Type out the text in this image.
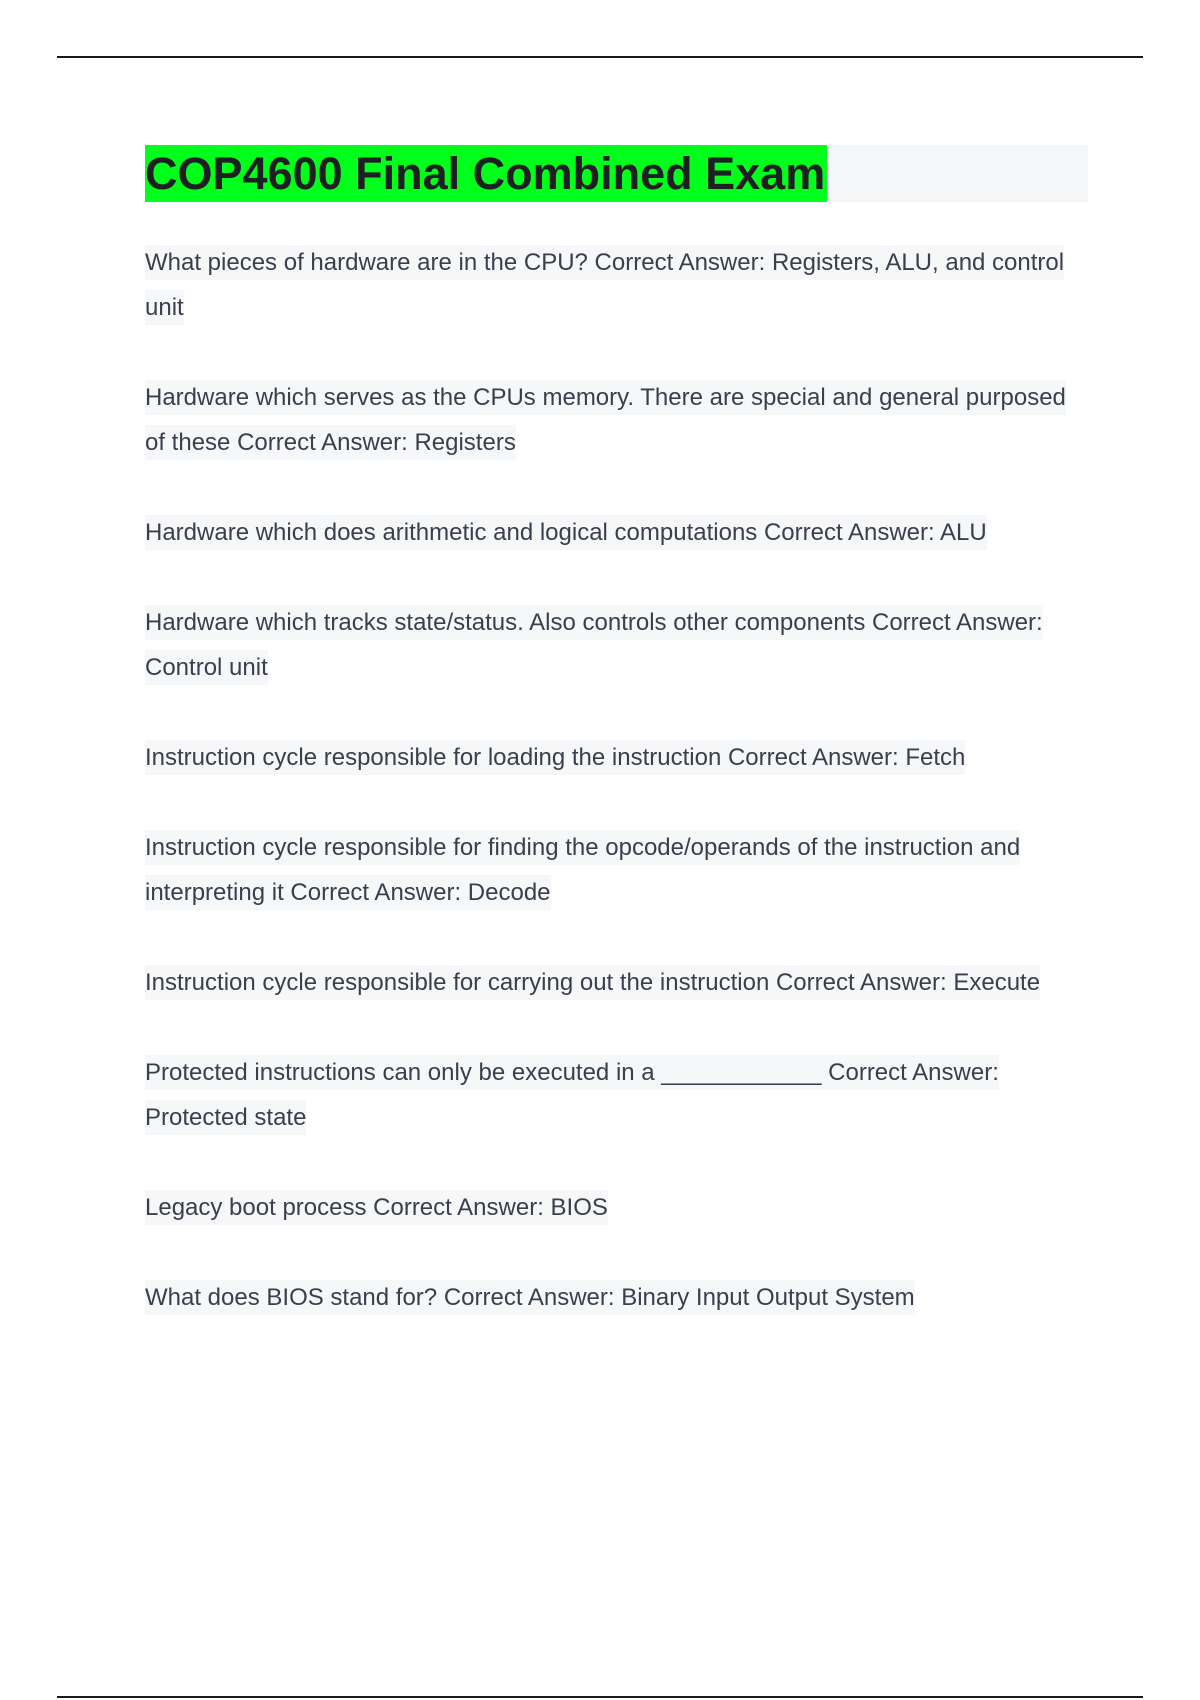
COP4600 Final Combined Exam

What pieces of hardware are in the CPU? Correct Answer: Registers, ALU, and control unit

Hardware which serves as the CPUs memory. There are special and general purposed of these Correct Answer: Registers

Hardware which does arithmetic and logical computations Correct Answer: ALU

Hardware which tracks state/status. Also controls other components Correct Answer: Control unit

Instruction cycle responsible for loading the instruction Correct Answer: Fetch

Instruction cycle responsible for finding the opcode/operands of the instruction and interpreting it Correct Answer: Decode

Instruction cycle responsible for carrying out the instruction Correct Answer: Execute

Protected instructions can only be executed in a ____________ Correct Answer: Protected state

Legacy boot process Correct Answer: BIOS

What does BIOS stand for? Correct Answer: Binary Input Output System
